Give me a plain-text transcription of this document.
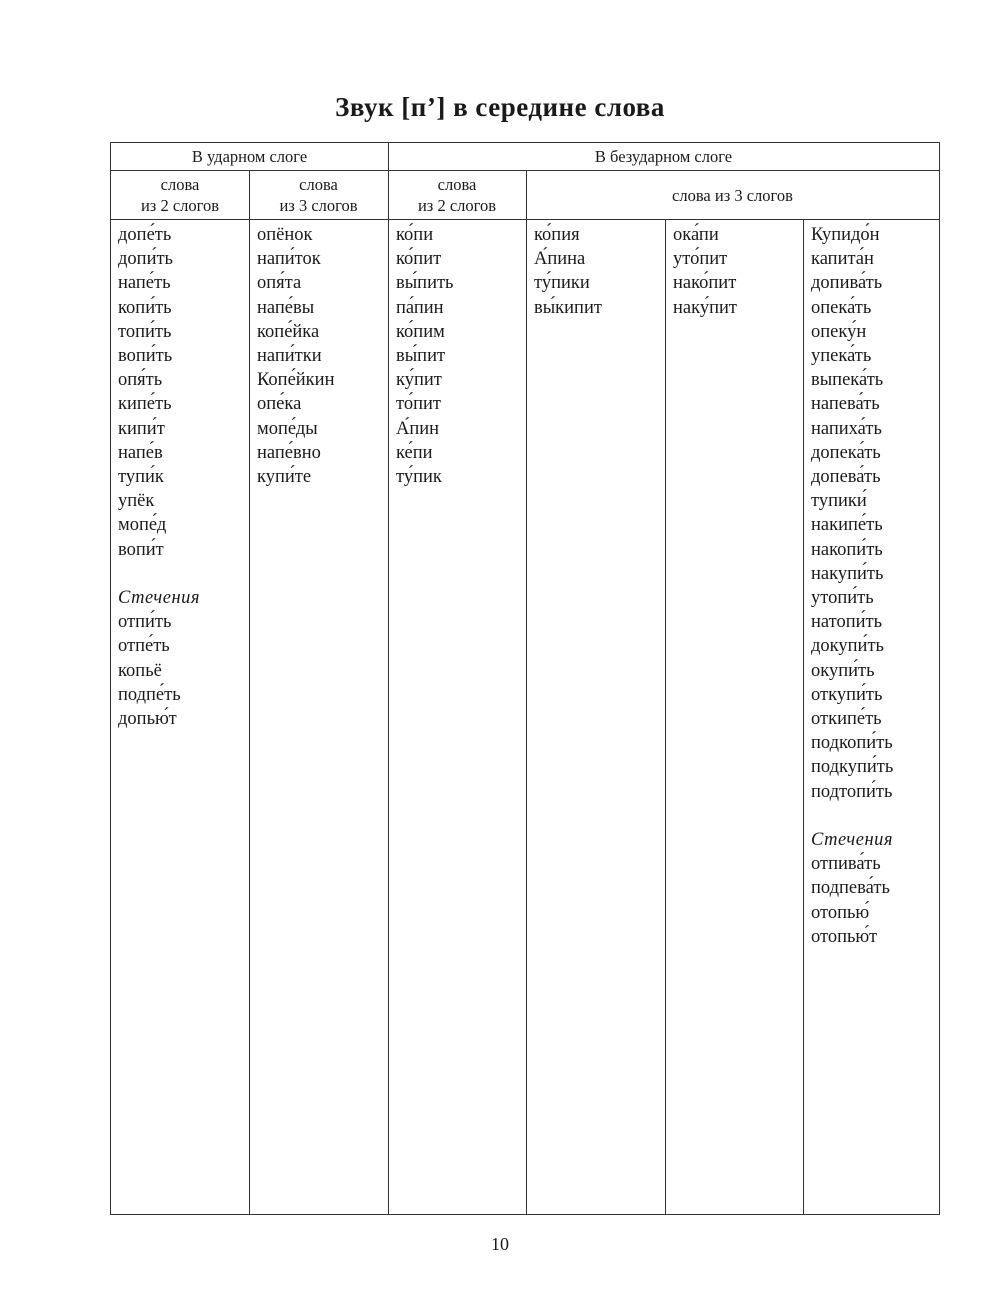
Звук [п’] в середине слова
В ударном слоге	В безударном слоге
слова
из 2 слогов
слова
из 3 слогов
слова
из 2 слогов
слова из 3 слогов
допе́ть
допи́ть
напе́ть
копи́ть
топи́ть
вопи́ть
опя́ть
кипе́ть
кипи́т
напе́в
тупи́к
упёк
мопе́д
вопи́т
Стечения
отпи́ть
отпе́ть
копьё
подпе́ть
допью́т
опёнок
напи́ток
опя́та
напе́вы
копе́йка
напи́тки
Копе́йкин
опе́ка
мопе́ды
напе́вно
купи́те
ко́пи
ко́пит
вы́пить
па́пин
ко́пим
вы́пит
ку́пит
то́пит
А́пин
ке́пи
ту́пик
ко́пия
А́пина
ту́пики
вы́кипит
ока́пи
уто́пит
нако́пит
наку́пит
Купидо́н
капита́н
допива́ть
опека́ть
опеку́н
упека́ть
выпека́ть
напева́ть
напиха́ть
допека́ть
допева́ть
тупики́
накипе́ть
накопи́ть
накупи́ть
утопи́ть
натопи́ть
докупи́ть
окупи́ть
откупи́ть
откипе́ть
подкопи́ть
подкупи́ть
подтопи́ть
Стечения
отпива́ть
подпева́ть
отопью́
отопью́т
10
